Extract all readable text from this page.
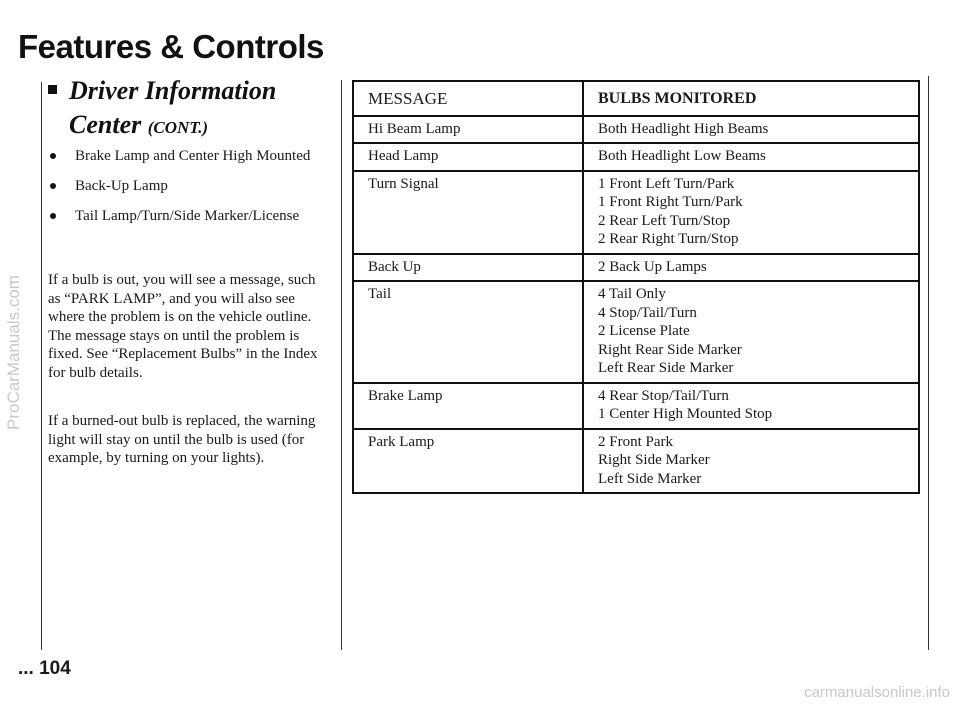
Features & Controls
Driver Information
Center (CONT.)
Brake Lamp and Center High Mounted
Back-Up Lamp
Tail Lamp/Turn/Side Marker/License
If a bulb is out, you will see a message, such as “PARK LAMP”, and you will also see where the problem is on the vehicle outline. The message stays on until the problem is fixed. See “Replacement Bulbs” in the Index for bulb details.
If a burned-out bulb is replaced, the warning light will stay on until the bulb is used (for example, by turning on your lights).
MESSAGE	BULBS MONITORED
Hi Beam Lamp	Both Headlight High Beams

Head Lamp	Both Headlight Low Beams

Turn Signal	1 Front Left Turn/Park
1 Front Right Turn/Park
2 Rear Left Turn/Stop
2 Rear Right Turn/Stop

Back Up	2 Back Up Lamps

Tail	4 Tail Only
4 Stop/Tail/Turn
2 License Plate
Right Rear Side Marker
Left Rear Side Marker

Brake Lamp	4 Rear Stop/Tail/Turn
1 Center High Mounted Stop

Park Lamp	2 Front Park
Right Side Marker
Left Side Marker
... 104
ProCarManuals.com
carmanualsonline.info
